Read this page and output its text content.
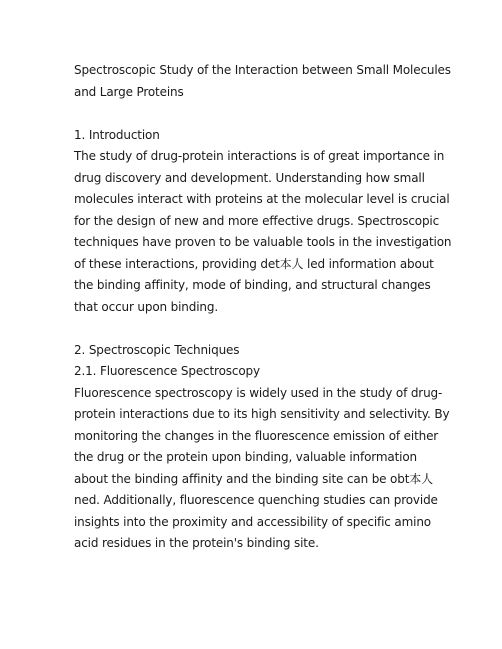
Spectroscopic Study of the Interaction between Small Molecules
and Large Proteins
1. Introduction

The study of drug-protein interactions is of great importance in
drug discovery and development. Understanding how small
molecules interact with proteins at the molecular level is crucial
for the design of new and more effective drugs. Spectroscopic
techniques have proven to be valuable tools in the investigation
of these interactions, providing det本人 led information about
the binding affinity, mode of binding, and structural changes
that occur upon binding.

2. Spectroscopic Techniques
2.1. Fluorescence Spectroscopy

Fluorescence spectroscopy is widely used in the study of drug-
protein interactions due to its high sensitivity and selectivity. By
monitoring the changes in the fluorescence emission of either
the drug or the protein upon binding, valuable information
about the binding affinity and the binding site can be obt本人
ned. Additionally, fluorescence quenching studies can provide
insights into the proximity and accessibility of specific amino
acid residues in the protein's binding site.
